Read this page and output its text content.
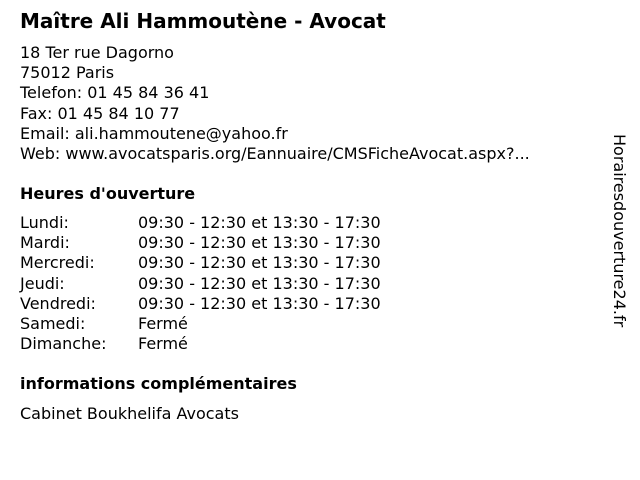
Maître Ali Hammoutène - Avocat
18 Ter rue Dagorno
75012 Paris
Telefon: 01 45 84 36 41
Fax: 01 45 84 10 77
Email: ali.hammoutene@yahoo.fr
Web: www.avocatsparis.org/Eannuaire/CMSFicheAvocat.aspx?...
Heures d'ouverture
Lundi:	09:30 - 12:30 et 13:30 - 17:30
Mardi:	09:30 - 12:30 et 13:30 - 17:30
Mercredi:	09:30 - 12:30 et 13:30 - 17:30
Jeudi:	09:30 - 12:30 et 13:30 - 17:30
Vendredi:	09:30 - 12:30 et 13:30 - 17:30
Samedi:	Fermé
Dimanche:	Fermé
informations complémentaires
Cabinet Boukhelifa Avocats
Horairesdouverture24.fr
